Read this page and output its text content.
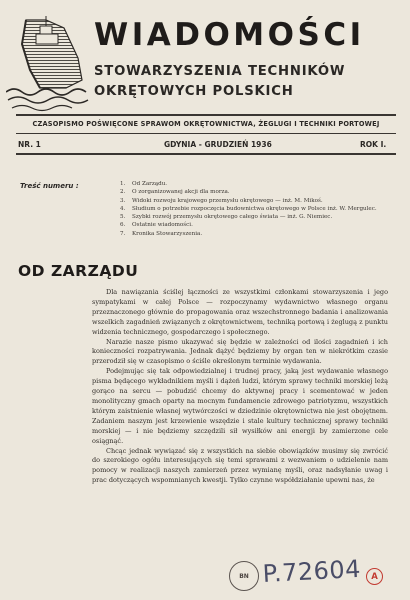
WIADOMOŚCI
STOWARZYSZENIA TECHNIKÓW
OKRĘTOWYCH POLSKICH
CZASOPISMO POŚWIĘCONE SPRAWOM OKRĘTOWNICTWA, ŻEGLUGI I TECHNIKI PORTOWEJ
NR. 1	GDYNIA - GRUDZIEŃ 1936	ROK I.
Treść numeru :	1.	Od Zarządu.
2.	O zorganizowanej akcji dla morza.
3.	Widoki rozwoju krajowego przemysłu okrętowego — inż. M. Mikoś.
4.	Słudium o potrzebie rozpoczęcia budownictwa okrętowego w Polsce inż. W. Mergulec.
5.	Szybki rozwój przemysłu okrętowego całego świata — inż. G. Niemiec.
6.	Ostatnie wiadomości.
7.	Kronika Stowarzyszenia.
OD ZARZĄDU

Dla nawiązania ściślej łączności ze wszystkimi członkami stowarzyszenia i jego sympatykami w całej Polsce — rozpoczynamy wydawnictwo własnego organu przeznaczonego głównie do propagowania oraz wszechstronnego badania i analizowania wszelkich zagadnień związanych z okrętownictwem, techniką portową i żeglugą z punktu widzenia technicznego, gospodarczego i społecznego.

Narazie nasze pismo ukazywać się będzie w zależności od ilości zagadnień i ich konieczności rozpatrywania. Jednak dążyć będziemy by organ ten w niekrótkim czasie przerodził się w czasopismo o ściśle określonym terminie wydawania.

Podejmując się tak odpowiedzialnej i trudnej pracy, jaką jest wydawanie własnego pisma będącego wykładnikiem myśli i dążeń ludzi, którym sprawy techniki morskiej leżą gorąco na sercu — pobudzić chcemy do aktywnej pracy i scementować w jeden monolityczny gmach oparty na mocnym fundamencie zdrowego patriotyzmu, wszystkich którym zaistnienie własnej wytwórczości w dziedzinie okrętownictwa nie jest obojętnem. Zadaniem naszym jest krzewienie wszędzie i stale kultury technicznej sprawy techniki morskiej — i nie będziemy szczędzili sił wysiłków ani energji by zamierzone cele osiągnąć.

Chcąc jednak wywiązać się z wszystkich na siebie obowiązków musimy się zwrócić do szerokiego ogółu interesujących się temi sprawami z wezwaniem o udzielenie nam pomocy w realizacji naszych zamierzeń przez wymianę myśli, oraz nadsyłanie uwag i prac dotyczących wspomnianych kwestji. Tylko czynne współdziałanie upewni nas, że

BN P.72604	A
